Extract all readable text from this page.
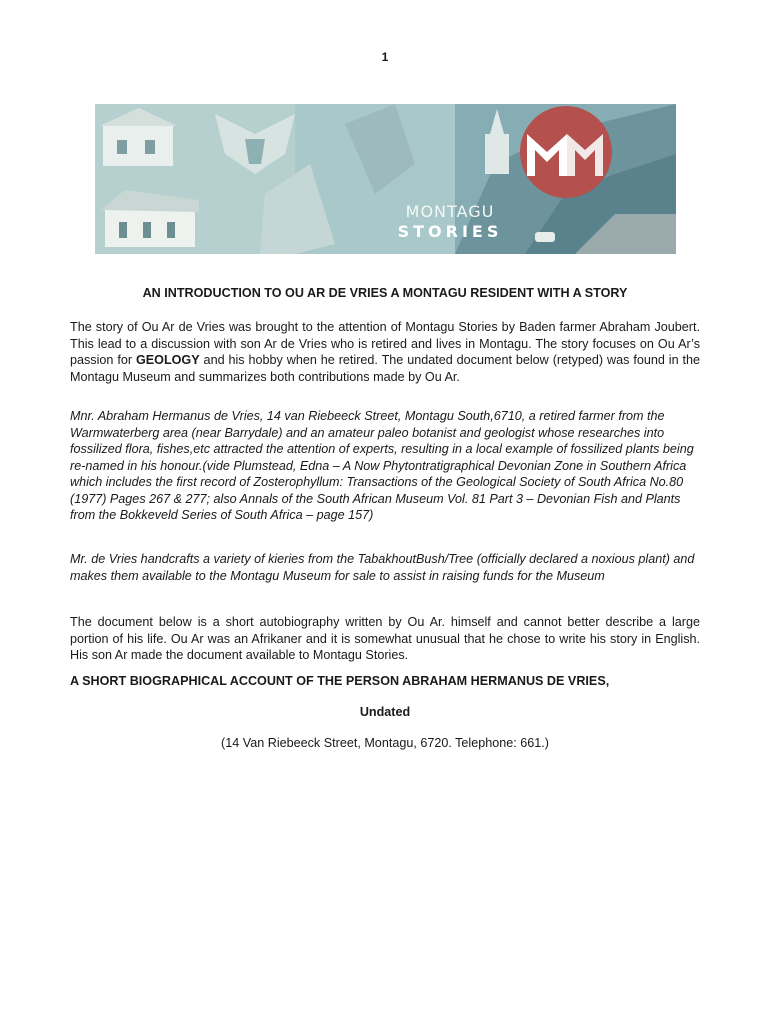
1
MONTAGU
STORIES
AN INTRODUCTION TO OU AR DE VRIES A MONTAGU RESIDENT WITH A STORY
The story of Ou Ar de Vries was brought to the attention of Montagu Stories by Baden farmer Abraham Joubert. This lead to a discussion with son Ar de Vries who is retired and lives in Montagu. The story focuses on Ou Ar’s passion for GEOLOGY and his hobby when he retired. The undated document below (retyped) was found in the Montagu Museum and summarizes both contributions made by Ou Ar.
Mnr. Abraham Hermanus de Vries, 14 van Riebeeck Street, Montagu South,6710, a retired farmer from the Warmwaterberg area (near Barrydale) and an amateur paleo botanist and geologist whose researches into fossilized flora, fishes,etc attracted the attention of experts, resulting in a local example of fossilized plants being re-named in his honour.(vide Plumstead, Edna – A Now Phytontratigraphical Devonian Zone in Southern Africa which includes the first record of Zosterophyllum: Transactions of the Geological Society of South Africa No.80 (1977) Pages 267 & 277; also Annals of the South African Museum Vol. 81 Part 3 – Devonian Fish and Plants from the Bokkeveld Series of South Africa – page 157)
Mr. de Vries handcrafts a variety of kieries from the TabakhoutBush/Tree (officially declared a noxious plant) and makes them available to the Montagu Museum for sale to assist in raising funds for the Museum
The document below is a short autobiography written by Ou Ar. himself and cannot better describe a large portion of his life. Ou Ar was an Afrikaner and it is somewhat unusual that he chose to write his story in English. His son Ar made the document available to Montagu Stories.
A SHORT BIOGRAPHICAL ACCOUNT OF THE PERSON ABRAHAM HERMANUS DE VRIES,
Undated
(14 Van Riebeeck Street, Montagu, 6720. Telephone: 661.)
